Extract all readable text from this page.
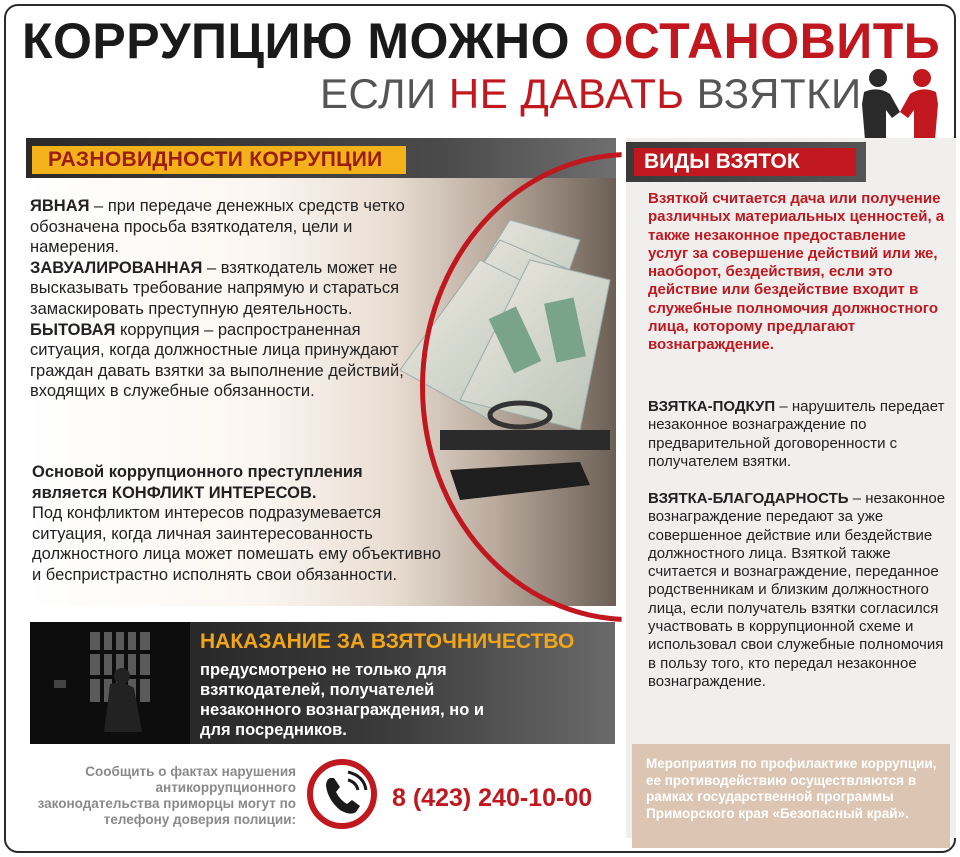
КОРРУПЦИЮ МОЖНО ОСТАНОВИТЬ
ЕСЛИ НЕ ДАВАТЬ ВЗЯТКИ
РАЗНОВИДНОСТИ КОРРУПЦИИ
ЯВНАЯ – при передаче денежных средств четко обозначена просьба взяткодателя, цели и намерения.
ЗАВУАЛИРОВАННАЯ – взяткодатель может не высказывать требование напрямую и стараться замаскировать преступную деятельность.
БЫТОВАЯ коррупция – распространенная ситуация, когда должностные лица принуждают граждан давать взятки за выполнение действий, входящих в служебные обязанности.
Основой коррупционного преступления является КОНФЛИКТ ИНТЕРЕСОВ.
Под конфликтом интересов подразумевается ситуация, когда личная заинтересованность должностного лица может помешать ему объективно и беспристрастно исполнять свои обязанности.
НАКАЗАНИЕ ЗА ВЗЯТОЧНИЧЕСТВО
предусмотрено не только для взяткодателей, получателей незаконного вознаграждения, но и для посредников.
Сообщить о фактах нарушения антикоррупционного законодательства приморцы могут по телефону доверия полиции:
8 (423) 240-10-00
ВИДЫ ВЗЯТОК
Взяткой считается дача или получение различных материальных ценностей, а также незаконное предоставление услуг за совершение действий или же, наоборот, бездействия, если это действие или бездействие входит в служебные полномочия должностного лица, которому предлагают вознаграждение.
ВЗЯТКА-ПОДКУП – нарушитель передает незаконное вознаграждение по предварительной договоренности с получателем взятки.
ВЗЯТКА-БЛАГОДАРНОСТЬ – незаконное вознаграждение передают за уже совершенное действие или бездействие должностного лица. Взяткой также считается и вознаграждение, переданное родственникам и близким должностного лица, если получатель взятки согласился участвовать в коррупционной схеме и использовал свои служебные полномочия в пользу того, кто передал незаконное вознаграждение.
Мероприятия по профилактике коррупции, ее противодействию осуществляются в рамках государственной программы Приморского края «Безопасный край».
